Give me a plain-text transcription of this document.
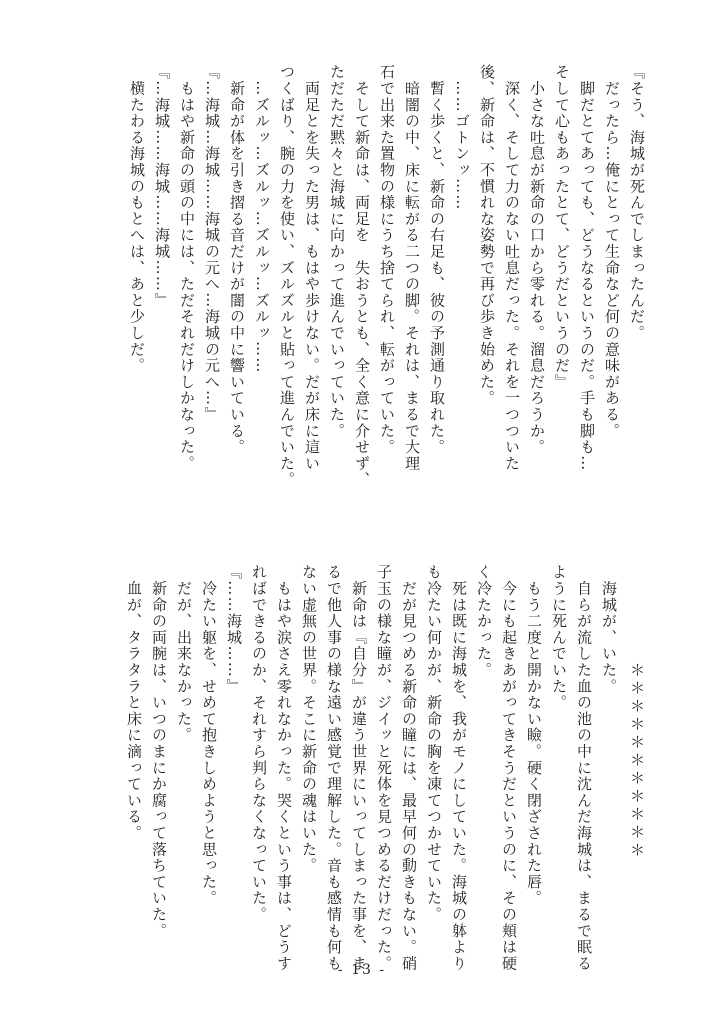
『そう、海城が死んでしまったんだ。
　だったら…俺にとって生命など何の意味がある。
　脚だとてあっても、どうなるというのだ。手も脚も…
そして心もあったとて、どうだというのだ』
　小さな吐息が新命の口から零れる。溜息だろうか。
　深く、そして力のない吐息だった。それを一つついた
後、新命は、不慣れな姿勢で再び歩き始めた。
　……ゴトンッ……
　暫く歩くと、新命の右足も、彼の予測通り取れた。
　暗闇の中、床に転がる二つの脚。それは、まるで大理
石で出来た置物の様にうち捨てられ、転がっていた。
　そして新命は、両足を　失おうとも、全く意に介せず、
ただただ黙々と海城に向かって進んでいっていた。
　両足とを失った男は、もはや歩けない。だが床に這い
つくばり、腕の力を使い、ズルズルと貼って進んでいた。
　…ズルッ…ズルッ…ズルッ…ズルッ……
　新命が体を引き摺る音だけが闇の中に響いている。
『…海城…海城……海城の元へ…海城の元へ…』
　もはや新命の頭の中には、ただそれだけしかなった。
『…海城……海城……海城……』
　横たわる海城のもとへは、あと少しだ。
　海城が、いた。
　自らが流した血の池の中に沈んだ海城は、まるで眠る
ように死んでいた。
　もう二度と開かない瞼。硬く閉ざされた唇。
　今にも起きあがってきそうだというのに、その頬は硬
く冷たかった。
　死は既に海城を、我がモノにしていた。海城の躰より
も冷たい何かが、新命の胸を凍てつかせていた。
　だが見つめる新命の瞳には、最早何の動きもない。硝
子玉の様な瞳が、ジイッと死体を見つめるだけだった。
　新命は『自分』が違う世界にいってしまった事を、ま
るで他人事の様な遠い感覚で理解した。音も感情も何も
ない虚無の世界。そこに新命の魂はいた。
　もはや涙さえ零れなかった。哭くという事は、どうす
ればできるのか、それすら判らなくなっていた。
『……海城……』
　冷たい躯を、せめて抱きしめようと思った。
　だが、出来なかった。
　新命の両腕は、いつのまにか腐って落ちていた。
　血が、タラタラと床に滴っている。	＊＊＊＊＊＊＊＊＊＊＊
- 13 -
